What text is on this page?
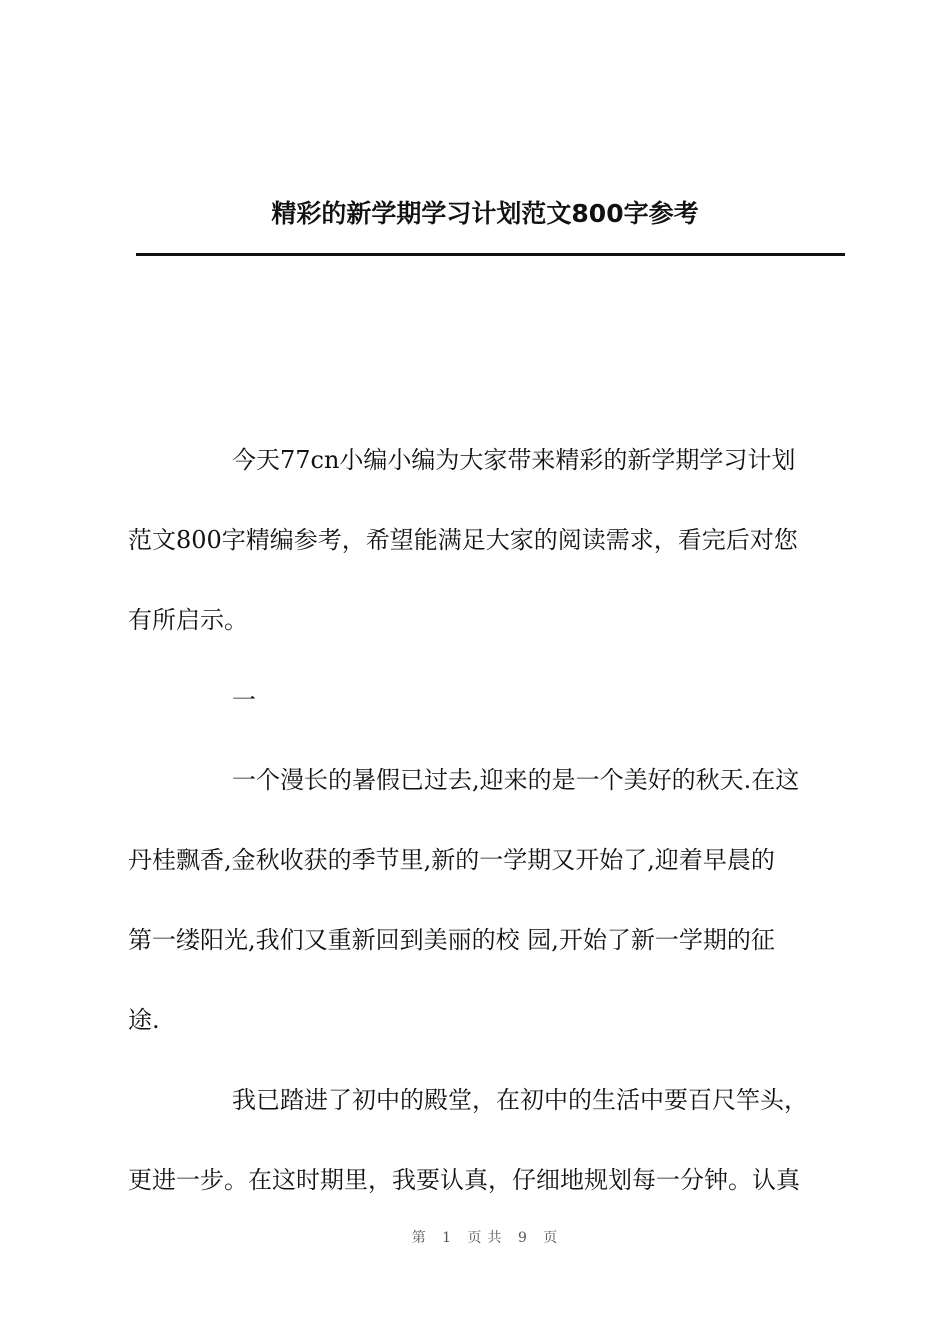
精彩的新学期学习计划范文800字参考
今天77cn小编小编为大家带来精彩的新学期学习计划
范文800字精编参考，希望能满足大家的阅读需求，看完后对您
有所启示。
一
一个漫长的暑假已过去,迎来的是一个美好的秋天.在这
丹桂飘香,金秋收获的季节里,新的一学期又开始了,迎着早晨的
第一缕阳光,我们又重新回到美丽的校 园,开始了新一学期的征
途.
我已踏进了初中的殿堂，在初中的生活中要百尺竿头，
更进一步。在这时期里，我要认真，仔细地规划每一分钟。认真
第 1 页共 9 页
